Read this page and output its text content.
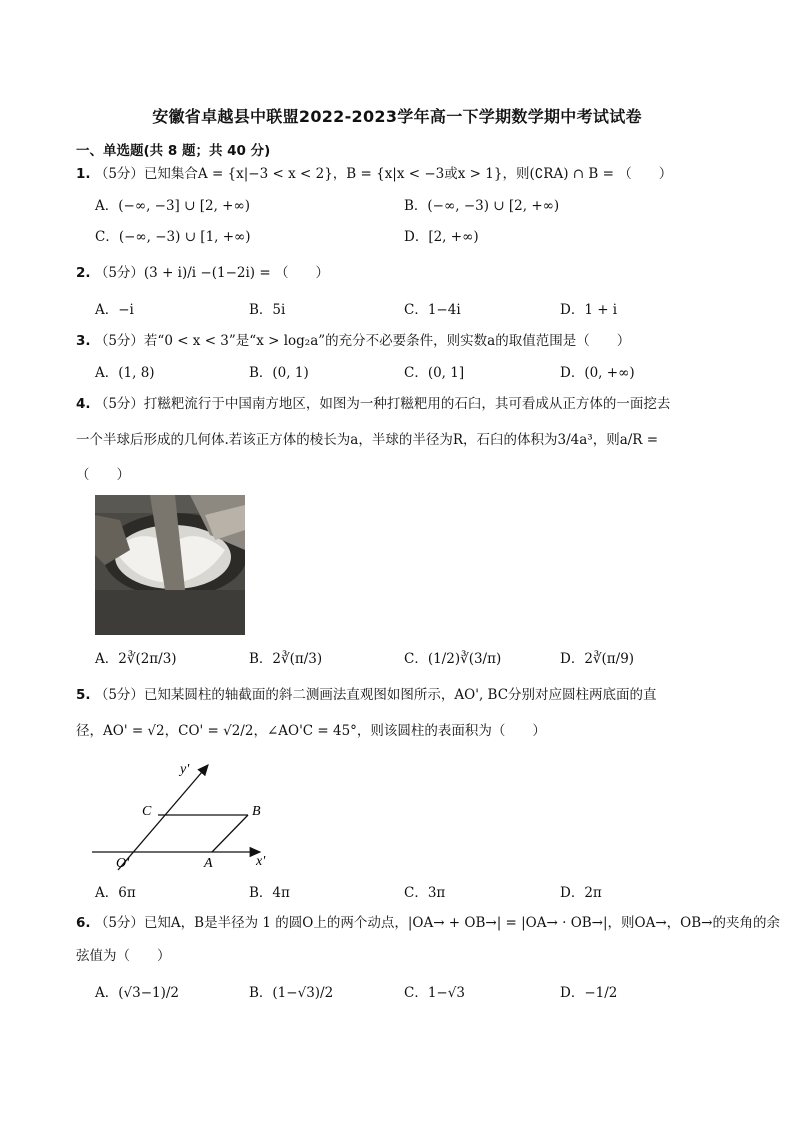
安徽省卓越县中联盟2022-2023学年高一下学期数学期中考试试卷
一、单选题(共 8 题；共 40 分)
1. （5分）已知集合A = {x|−3 < x < 2}，B = {x|x < −3或x > 1}，则(∁RA) ∩ B = （　　）
A．(−∞, −3] ∪ [2, +∞)	B．(−∞, −3) ∪ [2, +∞)
C．(−∞, −3) ∪ [1, +∞)	D．[2, +∞)
2. （5分）(3 + i)/i −(1−2i) = （　　）
A．−i	B．5i	C．1−4i	D．1 + i
3. （5分）若“0 < x < 3”是“x > log₂a”的充分不必要条件，则实数a的取值范围是（　　）
A．(1, 8)	B．(0, 1)	C．(0, 1]	D．(0, +∞)
4. （5分）打糍粑流行于中国南方地区，如图为一种打糍粑用的石臼，其可看成从正方体的一面挖去
一个半球后形成的几何体.若该正方体的棱长为a，半球的半径为R，石臼的体积为3/4a³，则a/R =
（　　）
A．2∛(2π/3)	B．2∛(π/3)	C．(1/2)∛(3/π)	D．2∛(π/9)
5. （5分）已知某圆柱的轴截面的斜二测画法直观图如图所示，AO', BC分别对应圆柱两底面的直
径，AO' = √2，CO' = √2/2，∠AO'C = 45°，则该圆柱的表面积为（　　）
y'
x'
C	B
O'	A
A．6π	B．4π	C．3π	D．2π
6. （5分）已知A，B是半径为 1 的圆O上的两个动点，|OA→ + OB→| = |OA→ · OB→|，则OA→，OB→的夹角的余
弦值为（　　）
A．(√3−1)/2	B．(1−√3)/2	C．1−√3	D．−1/2
